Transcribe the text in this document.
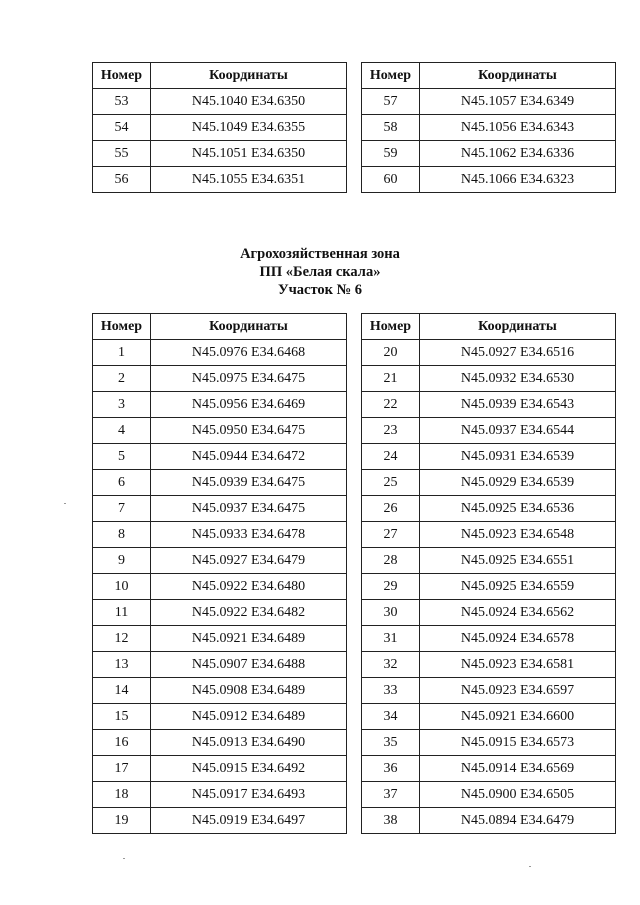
Номер	Координаты
53	N45.1040 E34.6350
54	N45.1049 E34.6355
55	N45.1051 E34.6350
56	N45.1055 E34.6351
Номер	Координаты
57	N45.1057 E34.6349
58	N45.1056 E34.6343
59	N45.1062 E34.6336
60	N45.1066 E34.6323
Агрохозяйственная зона
ПП «Белая скала»
Участок № 6
Номер	Координаты
1	N45.0976 E34.6468
2	N45.0975 E34.6475
3	N45.0956 E34.6469
4	N45.0950 E34.6475
5	N45.0944 E34.6472
6	N45.0939 E34.6475
7	N45.0937 E34.6475
8	N45.0933 E34.6478
9	N45.0927 E34.6479
10	N45.0922 E34.6480
11	N45.0922 E34.6482
12	N45.0921 E34.6489
13	N45.0907 E34.6488
14	N45.0908 E34.6489
15	N45.0912 E34.6489
16	N45.0913 E34.6490
17	N45.0915 E34.6492
18	N45.0917 E34.6493
19	N45.0919 E34.6497
Номер	Координаты
20	N45.0927 E34.6516
21	N45.0932 E34.6530
22	N45.0939 E34.6543
23	N45.0937 E34.6544
24	N45.0931 E34.6539
25	N45.0929 E34.6539
26	N45.0925 E34.6536
27	N45.0923 E34.6548
28	N45.0925 E34.6551
29	N45.0925 E34.6559
30	N45.0924 E34.6562
31	N45.0924 E34.6578
32	N45.0923 E34.6581
33	N45.0923 E34.6597
34	N45.0921 E34.6600
35	N45.0915 E34.6573
36	N45.0914 E34.6569
37	N45.0900 E34.6505
38	N45.0894 E34.6479
